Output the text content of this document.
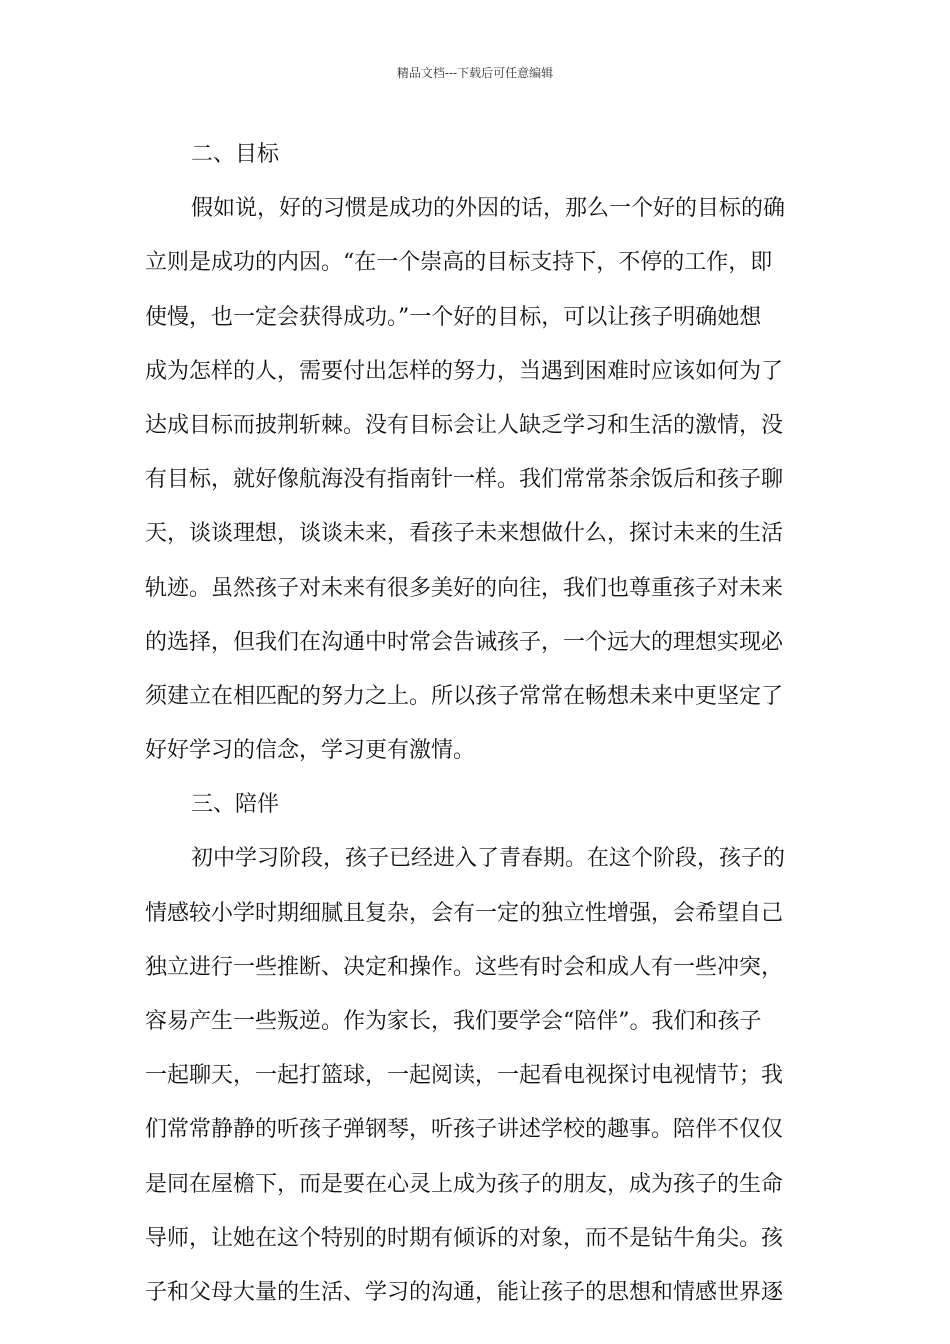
精品文档---下载后可任意编辑
二、目标
假如说，好的习惯是成功的外因的话，那么一个好的目标的确
立则是成功的内因。“在一个崇高的目标支持下，不停的工作，即
使慢，也一定会获得成功。”一个好的目标，可以让孩子明确她想
成为怎样的人，需要付出怎样的努力，当遇到困难时应该如何为了
达成目标而披荆斩棘。没有目标会让人缺乏学习和生活的激情，没
有目标，就好像航海没有指南针一样。我们常常茶余饭后和孩子聊
天，谈谈理想，谈谈未来，看孩子未来想做什么，探讨未来的生活
轨迹。虽然孩子对未来有很多美好的向往，我们也尊重孩子对未来
的选择，但我们在沟通中时常会告诫孩子，一个远大的理想实现必
须建立在相匹配的努力之上。所以孩子常常在畅想未来中更坚定了
好好学习的信念，学习更有激情。
三、陪伴
初中学习阶段，孩子已经进入了青春期。在这个阶段，孩子的
情感较小学时期细腻且复杂，会有一定的独立性增强，会希望自己
独立进行一些推断、决定和操作。这些有时会和成人有一些冲突，
容易产生一些叛逆。作为家长，我们要学会“陪伴”。我们和孩子
一起聊天，一起打篮球，一起阅读，一起看电视探讨电视情节；我
们常常静静的听孩子弹钢琴，听孩子讲述学校的趣事。陪伴不仅仅
是同在屋檐下，而是要在心灵上成为孩子的朋友，成为孩子的生命
导师，让她在这个特别的时期有倾诉的对象，而不是钻牛角尖。孩
子和父母大量的生活、学习的沟通，能让孩子的思想和情感世界逐
